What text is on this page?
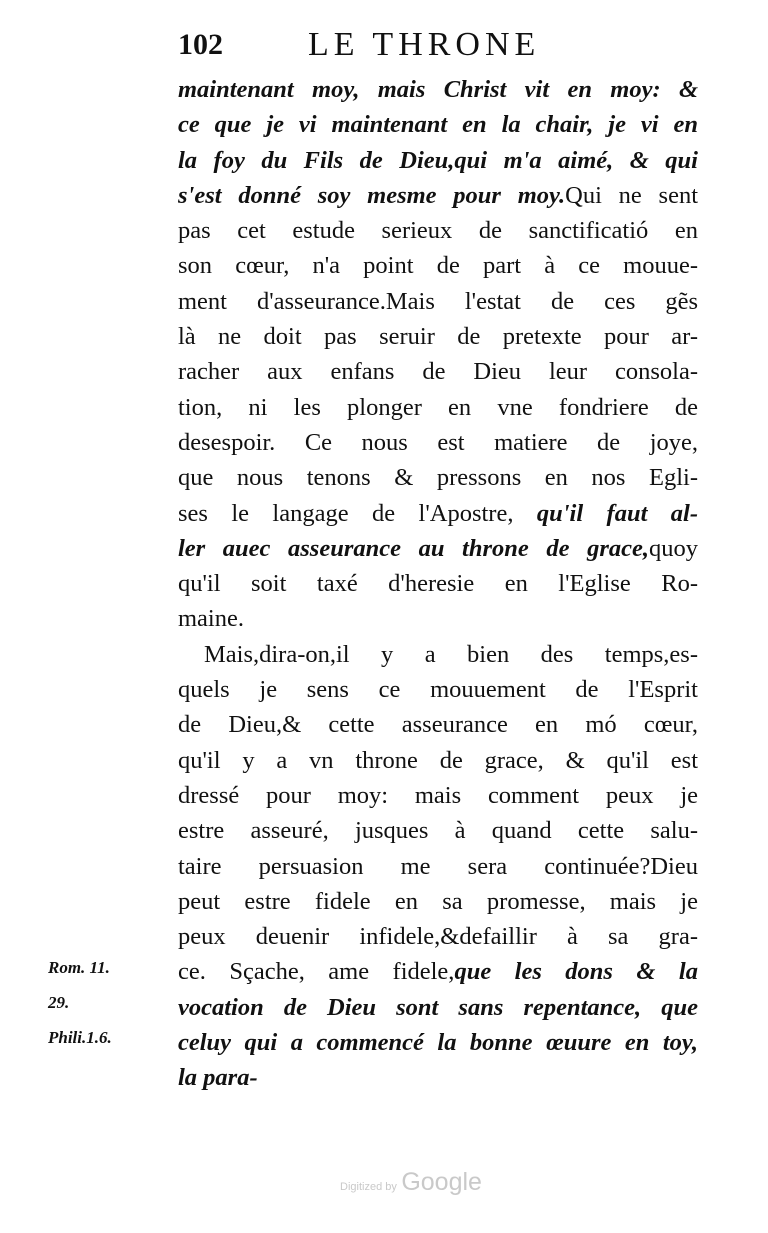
102	LE THRONE
maintenant moy, mais Christ vit en moy: &
ce que je vi maintenant en la chair, je vi en
la foy du Fils de Dieu,qui m'a aimé, & qui
s'est donné soy mesme pour moy.Qui ne sent
pas cet estude serieux de sanctificatió en
son cœur, n'a point de part à ce mouue-
ment d'asseurance.Mais l'estat de ces gẽs
là ne doit pas seruir de pretexte pour ar-
racher aux enfans de Dieu leur consola-
tion, ni les plonger en vne fondriere de
desespoir. Ce nous est matiere de joye,
que nous tenons & pressons en nos Egli-
ses le langage de l'Apostre, qu'il faut al-
ler auec asseurance au throne de grace,quoy
qu'il soit taxé d'heresie en l'Eglise Ro-
maine.
Mais,dira-on,il y a bien des temps,es-
quels je sens ce mouuement de l'Esprit
de Dieu,& cette asseurance en mó cœur,
qu'il y a vn throne de grace, & qu'il est
dressé pour moy: mais comment peux je
estre asseuré, jusques à quand cette salu-
taire persuasion me sera continuée?Dieu
peut estre fidele en sa promesse, mais je
peux deuenir infidele,&defaillir à sa gra-
ce. Sçache, ame fidele,que les dons & la
vocation de Dieu sont sans repentance, que
celuy qui a commencé la bonne œuure en toy,
la para-
Rom. 11.
29.
Phili.1.6.
Digitized by Google
